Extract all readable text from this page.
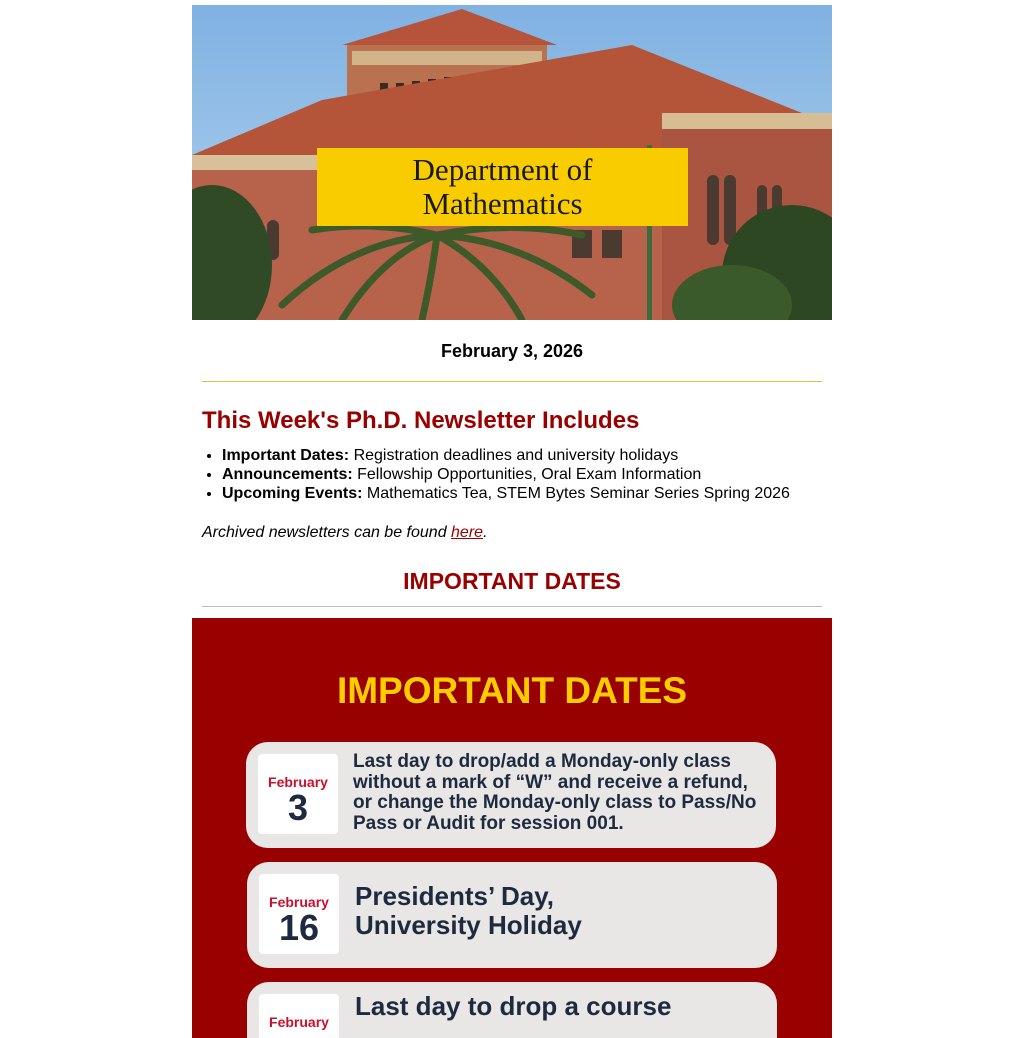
Department of
Mathematics
February 3, 2026
This Week's Ph.D. Newsletter Includes
• Important Dates: Registration deadlines and university holidays
• Announcements: Fellowship Opportunities, Oral Exam Information
• Upcoming Events: Mathematics Tea, STEM Bytes Seminar Series Spring 2026
Archived newsletters can be found here.
IMPORTANT DATES
IMPORTANT DATES
February
3
Last day to drop/add a Monday-only class
without a mark of “W” and receive a refund,
or change the Monday-only class to Pass/No
Pass or Audit for session 001.
February
16
Presidents’ Day,
University Holiday
February
Last day to drop a course
